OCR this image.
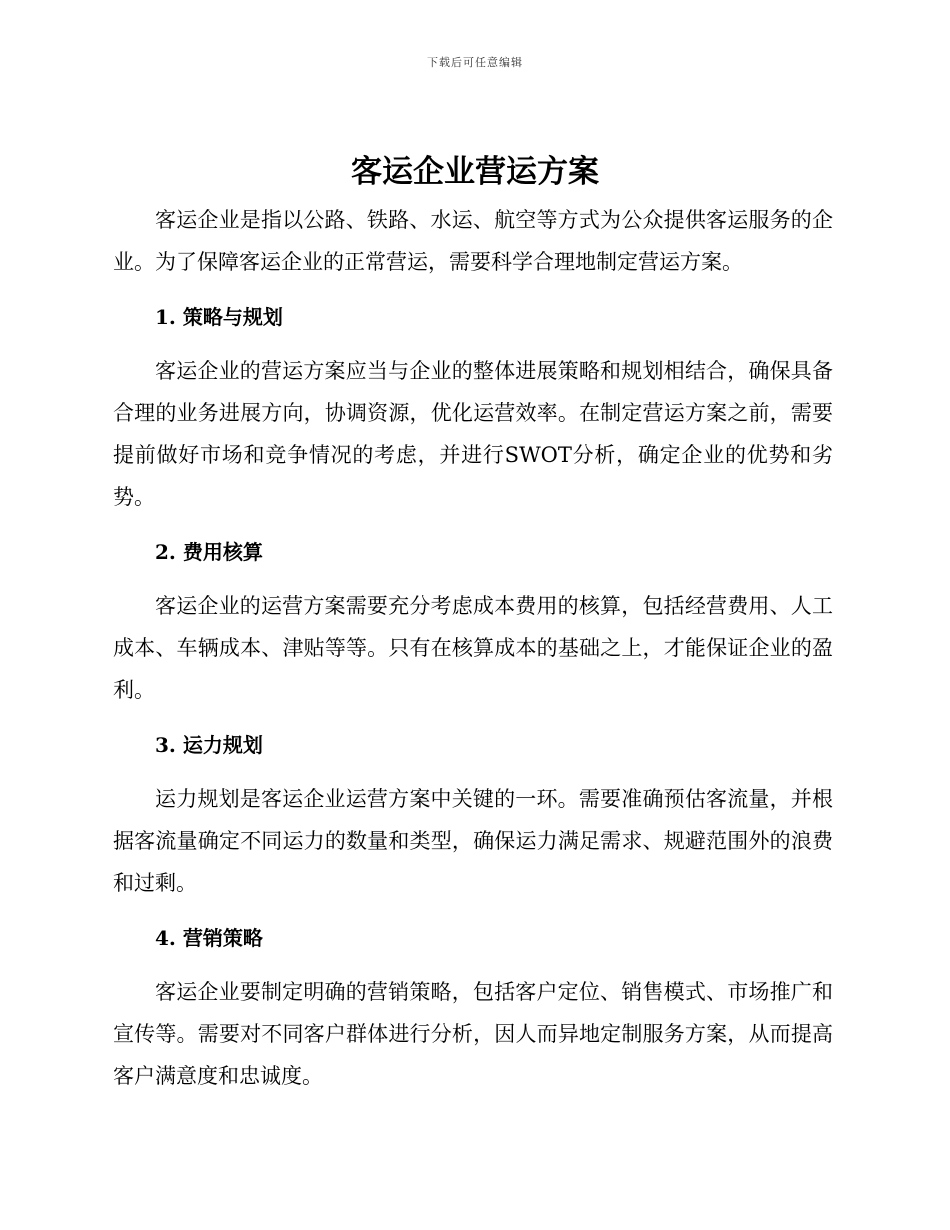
下载后可任意编辑
客运企业营运方案

客运企业是指以公路、铁路、水运、航空等方式为公众提供客运服务的企业。为了保障客运企业的正常营运，需要科学合理地制定营运方案。

1. 策略与规划

客运企业的营运方案应当与企业的整体进展策略和规划相结合，确保具备合理的业务进展方向，协调资源，优化运营效率。在制定营运方案之前，需要提前做好市场和竞争情况的考虑，并进行SWOT分析，确定企业的优势和劣势。

2. 费用核算

客运企业的运营方案需要充分考虑成本费用的核算，包括经营费用、人工成本、车辆成本、津贴等等。只有在核算成本的基础之上，才能保证企业的盈利。

3. 运力规划

运力规划是客运企业运营方案中关键的一环。需要准确预估客流量，并根据客流量确定不同运力的数量和类型，确保运力满足需求、规避范围外的浪费和过剩。

4. 营销策略

客运企业要制定明确的营销策略，包括客户定位、销售模式、市场推广和宣传等。需要对不同客户群体进行分析，因人而异地定制服务方案，从而提高客户满意度和忠诚度。
